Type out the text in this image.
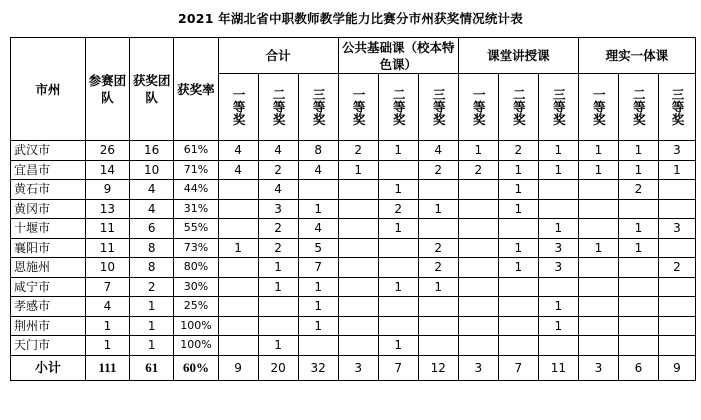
2021 年湖北省中职教师教学能力比赛分市州获奖情况统计表
市州	参赛团队	获奖团队	获奖率	合计			公共基础课（校本特色课）			课堂讲授课			理实一体课		
				一等奖	二等奖	三等奖	一等奖	二等奖	三等奖	一等奖	二等奖	三等奖	一等奖	二等奖	三等奖
武汉市	26	16	61%	4	4	8	2	1	4	1	2	1	1	1	3
宜昌市	14	10	71%	4	2	4	1		2	2	1	1	1	1	1
黄石市	9	4	44%		4			1			1			2	
黄冈市	13	4	31%		3	1		2	1		1				
十堰市	11	6	55%		2	4		1				1		1	3
襄阳市	11	8	73%	1	2	5			2		1	3	1	1	
恩施州	10	8	80%		1	7			2		1	3			2
咸宁市	7	2	30%		1	1		1	1						
孝感市	4	1	25%			1						1			
荆州市	1	1	100%			1						1			
天门市	1	1	100%		1			1							
小计	111	61	60%	9	20	32	3	7	12	3	7	11	3	6	9
